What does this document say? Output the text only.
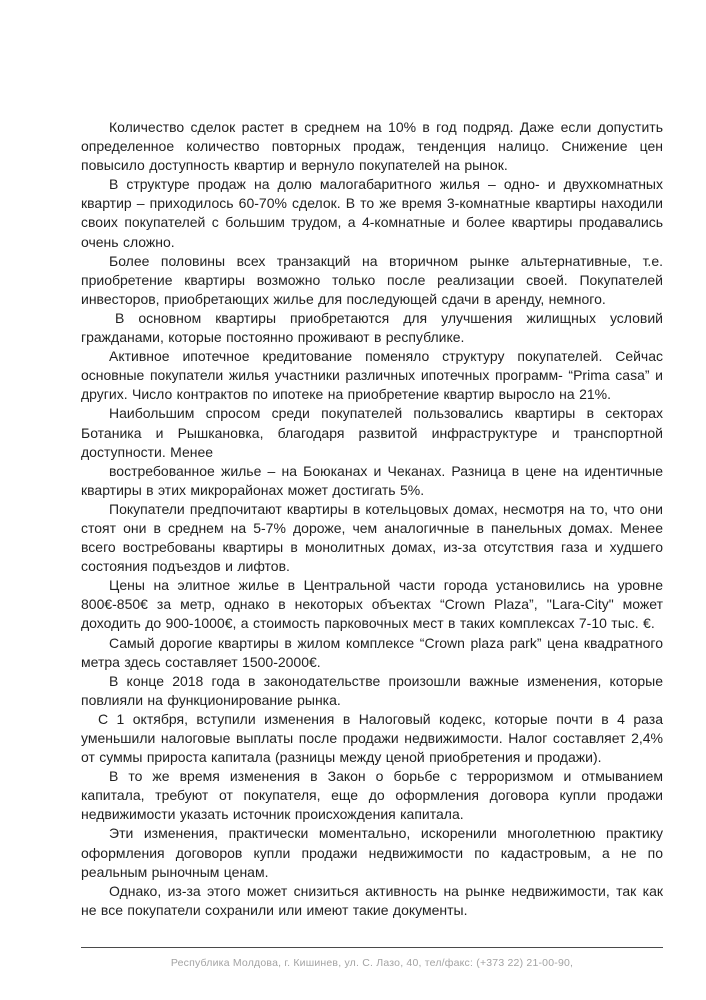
Количество сделок растет в среднем на 10% в год подряд. Даже если допустить определенное количество повторных продаж, тенденция налицо. Снижение цен повысило доступность квартир и вернуло покупателей на рынок.

В структуре продаж на долю малогабаритного жилья – одно- и двухкомнатных квартир – приходилось 60-70% сделок. В то же время 3-комнатные квартиры находили своих покупателей с большим трудом, а 4-комнатные и более квартиры продавались очень сложно.

Более половины всех транзакций на вторичном рынке альтернативные, т.е. приобретение квартиры возможно только после реализации своей. Покупателей инвесторов, приобретающих жилье для последующей сдачи в аренду, немного.

В основном квартиры приобретаются для улучшения жилищных условий гражданами, которые постоянно проживают в республике.

Активное ипотечное кредитование поменяло структуру покупателей. Сейчас основные покупатели жилья участники различных ипотечных программ- “Prima casa” и других. Число контрактов по ипотеке на приобретение квартир выросло на 21%.

Наибольшим спросом среди покупателей пользовались квартиры в секторах Ботаника и Рышкановка, благодаря развитой инфраструктуре и транспортной доступности. Менее

востребованное жилье – на Боюканах и Чеканах. Разница в цене на идентичные квартиры в этих микрорайонах может достигать 5%.

Покупатели предпочитают квартиры в котельцовых домах, несмотря на то, что они стоят они в среднем на 5-7% дороже, чем аналогичные в панельных домах. Менее всего востребованы квартиры в монолитных домах, из-за отсутствия газа и худшего состояния подъездов и лифтов.

Цены на элитное жилье в Центральной части города установились на уровне 800€-850€ за метр, однако в некоторых объектах “Crown Plaza”, ''Lara-City" может доходить до 900-1000€, а стоимость парковочных мест в таких комплексах 7-10 тыс. €.

Самый дорогие квартиры в жилом комплексе “Crown plaza park” цена квадратного метра здесь составляет 1500-2000€.

В конце 2018 года в законодательстве произошли важные изменения, которые повлияли на функционирование рынка.

С 1 октября, вступили изменения в Налоговый кодекс, которые почти в 4 раза уменьшили налоговые выплаты после продажи недвижимости. Налог составляет 2,4% от суммы прироста капитала (разницы между ценой приобретения и продажи).

В то же время изменения в Закон о борьбе с терроризмом и отмыванием капитала, требуют от покупателя, еще до оформления договора купли продажи недвижимости указать источник происхождения капитала.

Эти изменения, практически моментально, искоренили многолетнюю практику оформления договоров купли продажи недвижимости по кадастровым, а не по реальным рыночным ценам.

Однако, из-за этого может снизиться активность на рынке недвижимости, так как не все покупатели сохранили или имеют такие документы.

Республика Молдова, г. Кишинев, ул. С. Лазо, 40, тел/факс: (+373 22) 21-00-90,
